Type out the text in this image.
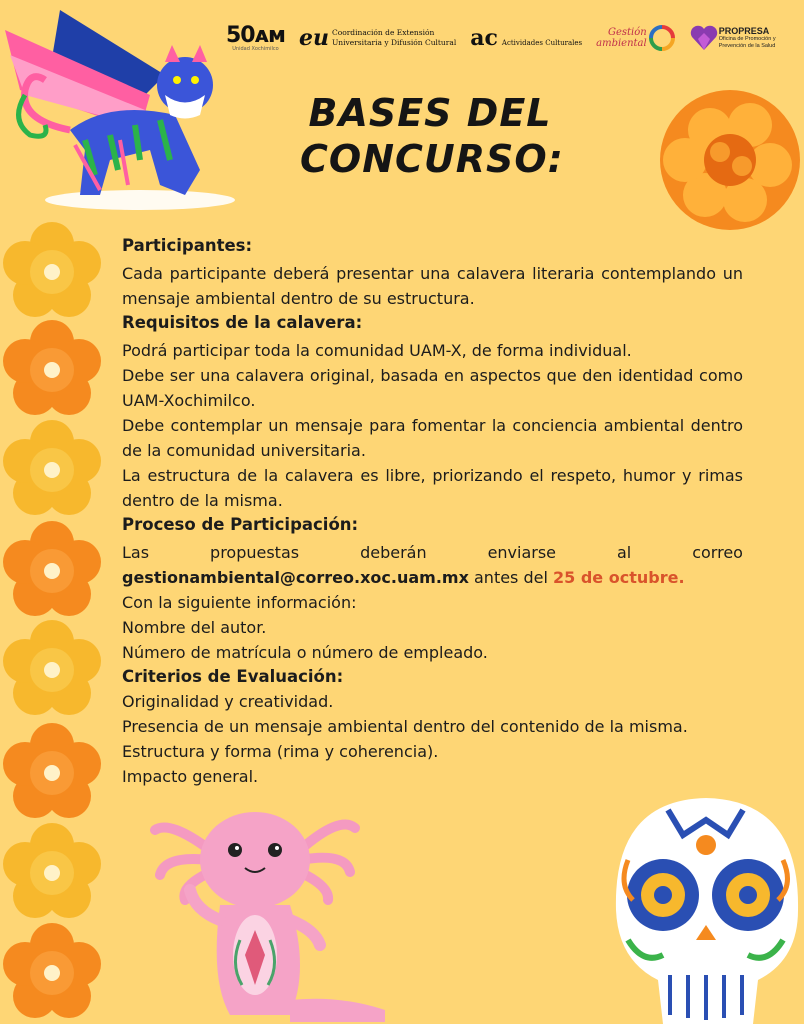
50ᴀᴍ
Unidad Xochimilco eu Coordinación de Extensión
Universitaria y Difusión Cultural ac Actividades Culturales
Gestión
ambiental
PROPRESA
Oficina de Promoción y
Prevención de la Salud
BASES DEL
CONCURSO:
Participantes:

Cada participante deberá presentar una calavera literaria contemplando un mensaje ambiental dentro de su estructura.

Requisitos de la calavera:

Podrá participar toda la comunidad UAM-X, de forma individual.

Debe ser una calavera original, basada en aspectos que den identidad como UAM-Xochimilco.

Debe contemplar un mensaje para fomentar la conciencia ambiental dentro de la comunidad universitaria.

La estructura de la calavera es libre, priorizando el respeto, humor y rimas dentro de la misma.

Proceso de Participación:
Las	propuestas	deberán	enviarse	al	correo

gestionambiental@correo.xoc.uam.mx antes del 25 de octubre.

Con la siguiente información:

Nombre del autor.

Número de matrícula o número de empleado.

Criterios de Evaluación:

Originalidad y creatividad.

Presencia de un mensaje ambiental dentro del contenido de la misma.

Estructura y forma (rima y coherencia).

Impacto general.
